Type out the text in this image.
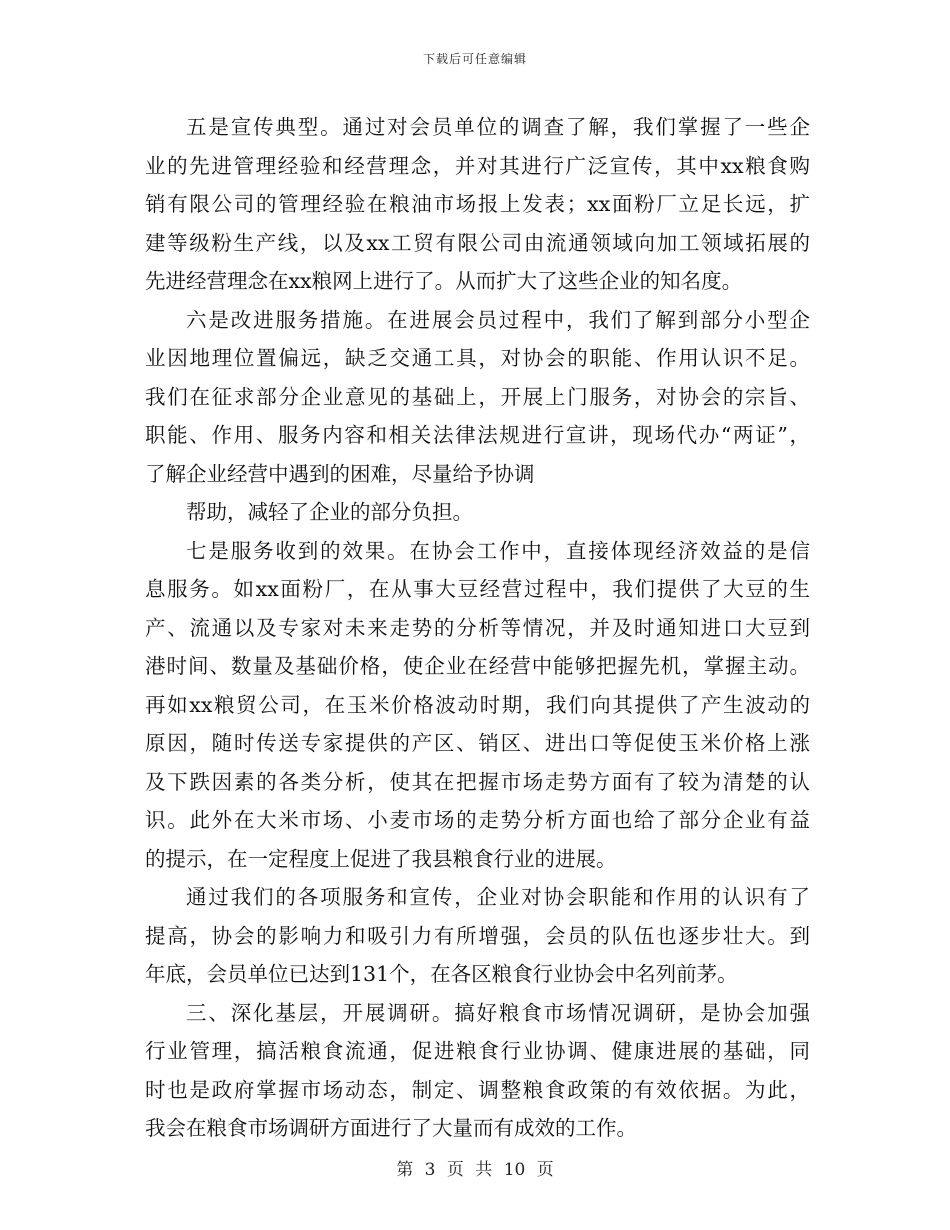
下载后可任意编辑
五是宣传典型。通过对会员单位的调查了解，我们掌握了一些企
业的先进管理经验和经营理念，并对其进行广泛宣传，其中xx粮食购
销有限公司的管理经验在粮油市场报上发表；xx面粉厂立足长远，扩
建等级粉生产线，以及xx工贸有限公司由流通领域向加工领域拓展的
先进经营理念在xx粮网上进行了。从而扩大了这些企业的知名度。
六是改进服务措施。在进展会员过程中，我们了解到部分小型企
业因地理位置偏远，缺乏交通工具，对协会的职能、作用认识不足。
我们在征求部分企业意见的基础上，开展上门服务，对协会的宗旨、
职能、作用、服务内容和相关法律法规进行宣讲，现场代办“两证”，
了解企业经营中遇到的困难，尽量给予协调
帮助，减轻了企业的部分负担。
七是服务收到的效果。在协会工作中，直接体现经济效益的是信
息服务。如xx面粉厂，在从事大豆经营过程中，我们提供了大豆的生
产、流通以及专家对未来走势的分析等情况，并及时通知进口大豆到
港时间、数量及基础价格，使企业在经营中能够把握先机，掌握主动。
再如xx粮贸公司，在玉米价格波动时期，我们向其提供了产生波动的
原因，随时传送专家提供的产区、销区、进出口等促使玉米价格上涨
及下跌因素的各类分析，使其在把握市场走势方面有了较为清楚的认
识。此外在大米市场、小麦市场的走势分析方面也给了部分企业有益
的提示，在一定程度上促进了我县粮食行业的进展。
通过我们的各项服务和宣传，企业对协会职能和作用的认识有了
提高，协会的影响力和吸引力有所增强，会员的队伍也逐步壮大。到
年底，会员单位已达到131个，在各区粮食行业协会中名列前茅。
三、深化基层，开展调研。搞好粮食市场情况调研，是协会加强
行业管理，搞活粮食流通，促进粮食行业协调、健康进展的基础，同
时也是政府掌握市场动态，制定、调整粮食政策的有效依据。为此，
我会在粮食市场调研方面进行了大量而有成效的工作。
第 3 页 共 10 页
